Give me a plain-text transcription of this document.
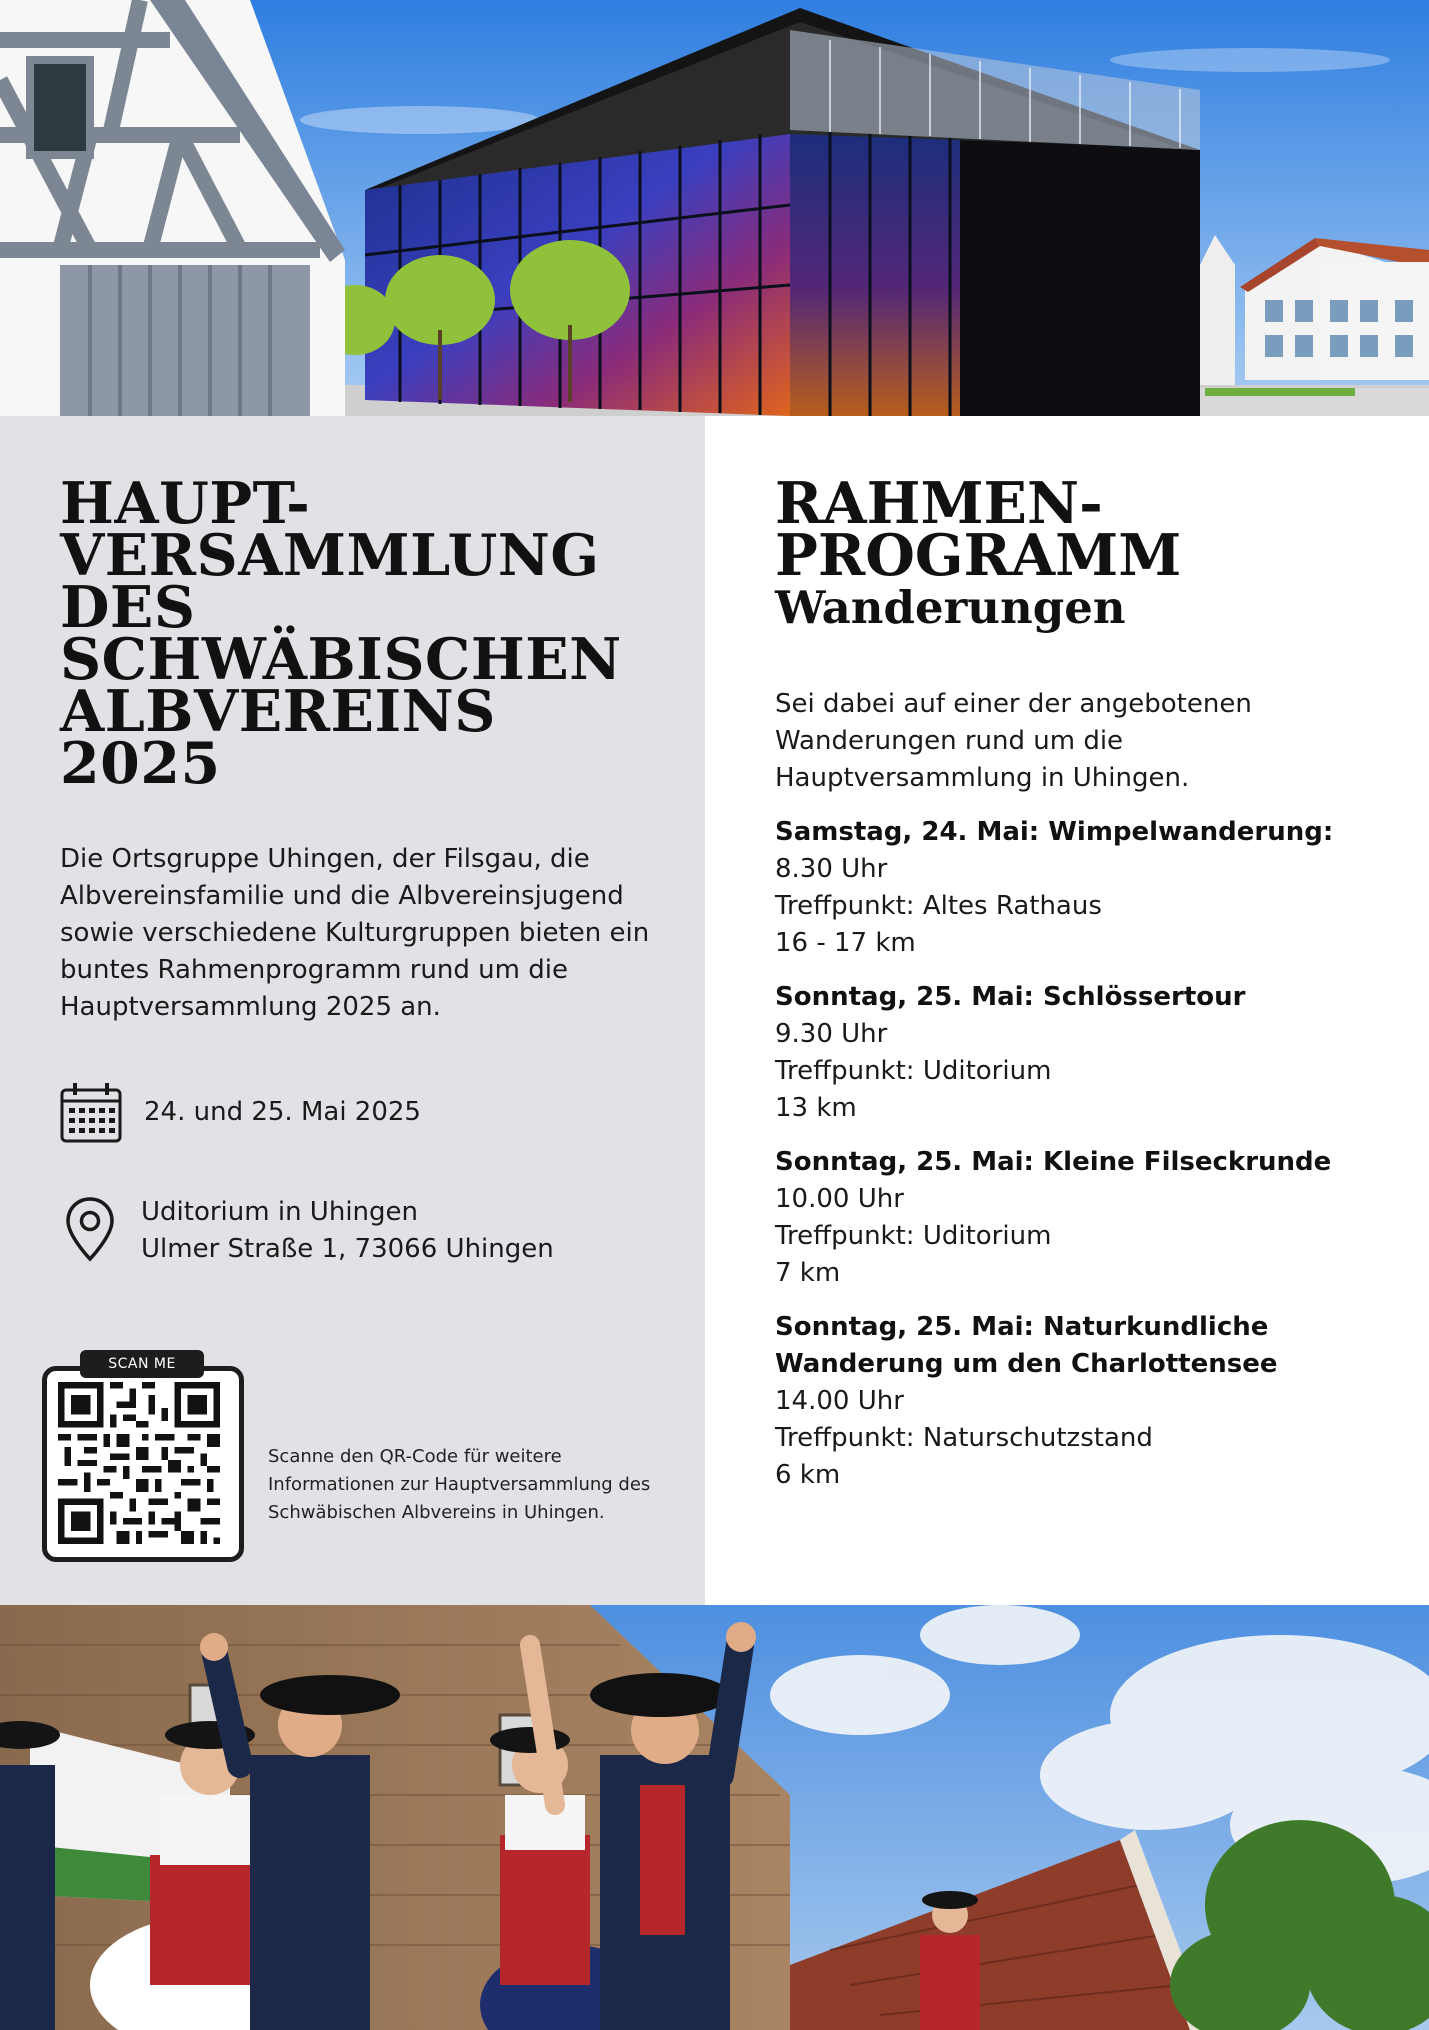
HAUPT-
VERSAMMLUNG
DES
SCHWÄBISCHEN
ALBVEREINS
2025

Die Ortsgruppe Uhingen, der Filsgau, die Albvereinsfamilie und die Albvereinsjugend sowie verschiedene Kulturgruppen bieten ein buntes Rahmenprogramm rund um die Hauptversammlung 2025 an.

24. und 25. Mai 2025
Uditorium in Uhingen
Ulmer Straße 1, 73066 Uhingen
SCAN ME

Scanne den QR-Code für weitere Informationen zur Hauptversammlung des Schwäbischen Albvereins in Uhingen.

RAHMEN-
PROGRAMM
Wanderungen

Sei dabei auf einer der angebotenen Wanderungen rund um die Hauptversammlung in Uhingen.

Samstag, 24. Mai: Wimpelwanderung:
8.30 Uhr
Treffpunkt: Altes Rathaus
16 - 17 km

Sonntag, 25. Mai: Schlössertour
9.30 Uhr
Treffpunkt: Uditorium
13 km

Sonntag, 25. Mai: Kleine Filseckrunde
10.00 Uhr
Treffpunkt: Uditorium
7 km

Sonntag, 25. Mai: Naturkundliche Wanderung um den Charlottensee
14.00 Uhr
Treffpunkt: Naturschutzstand
6 km
